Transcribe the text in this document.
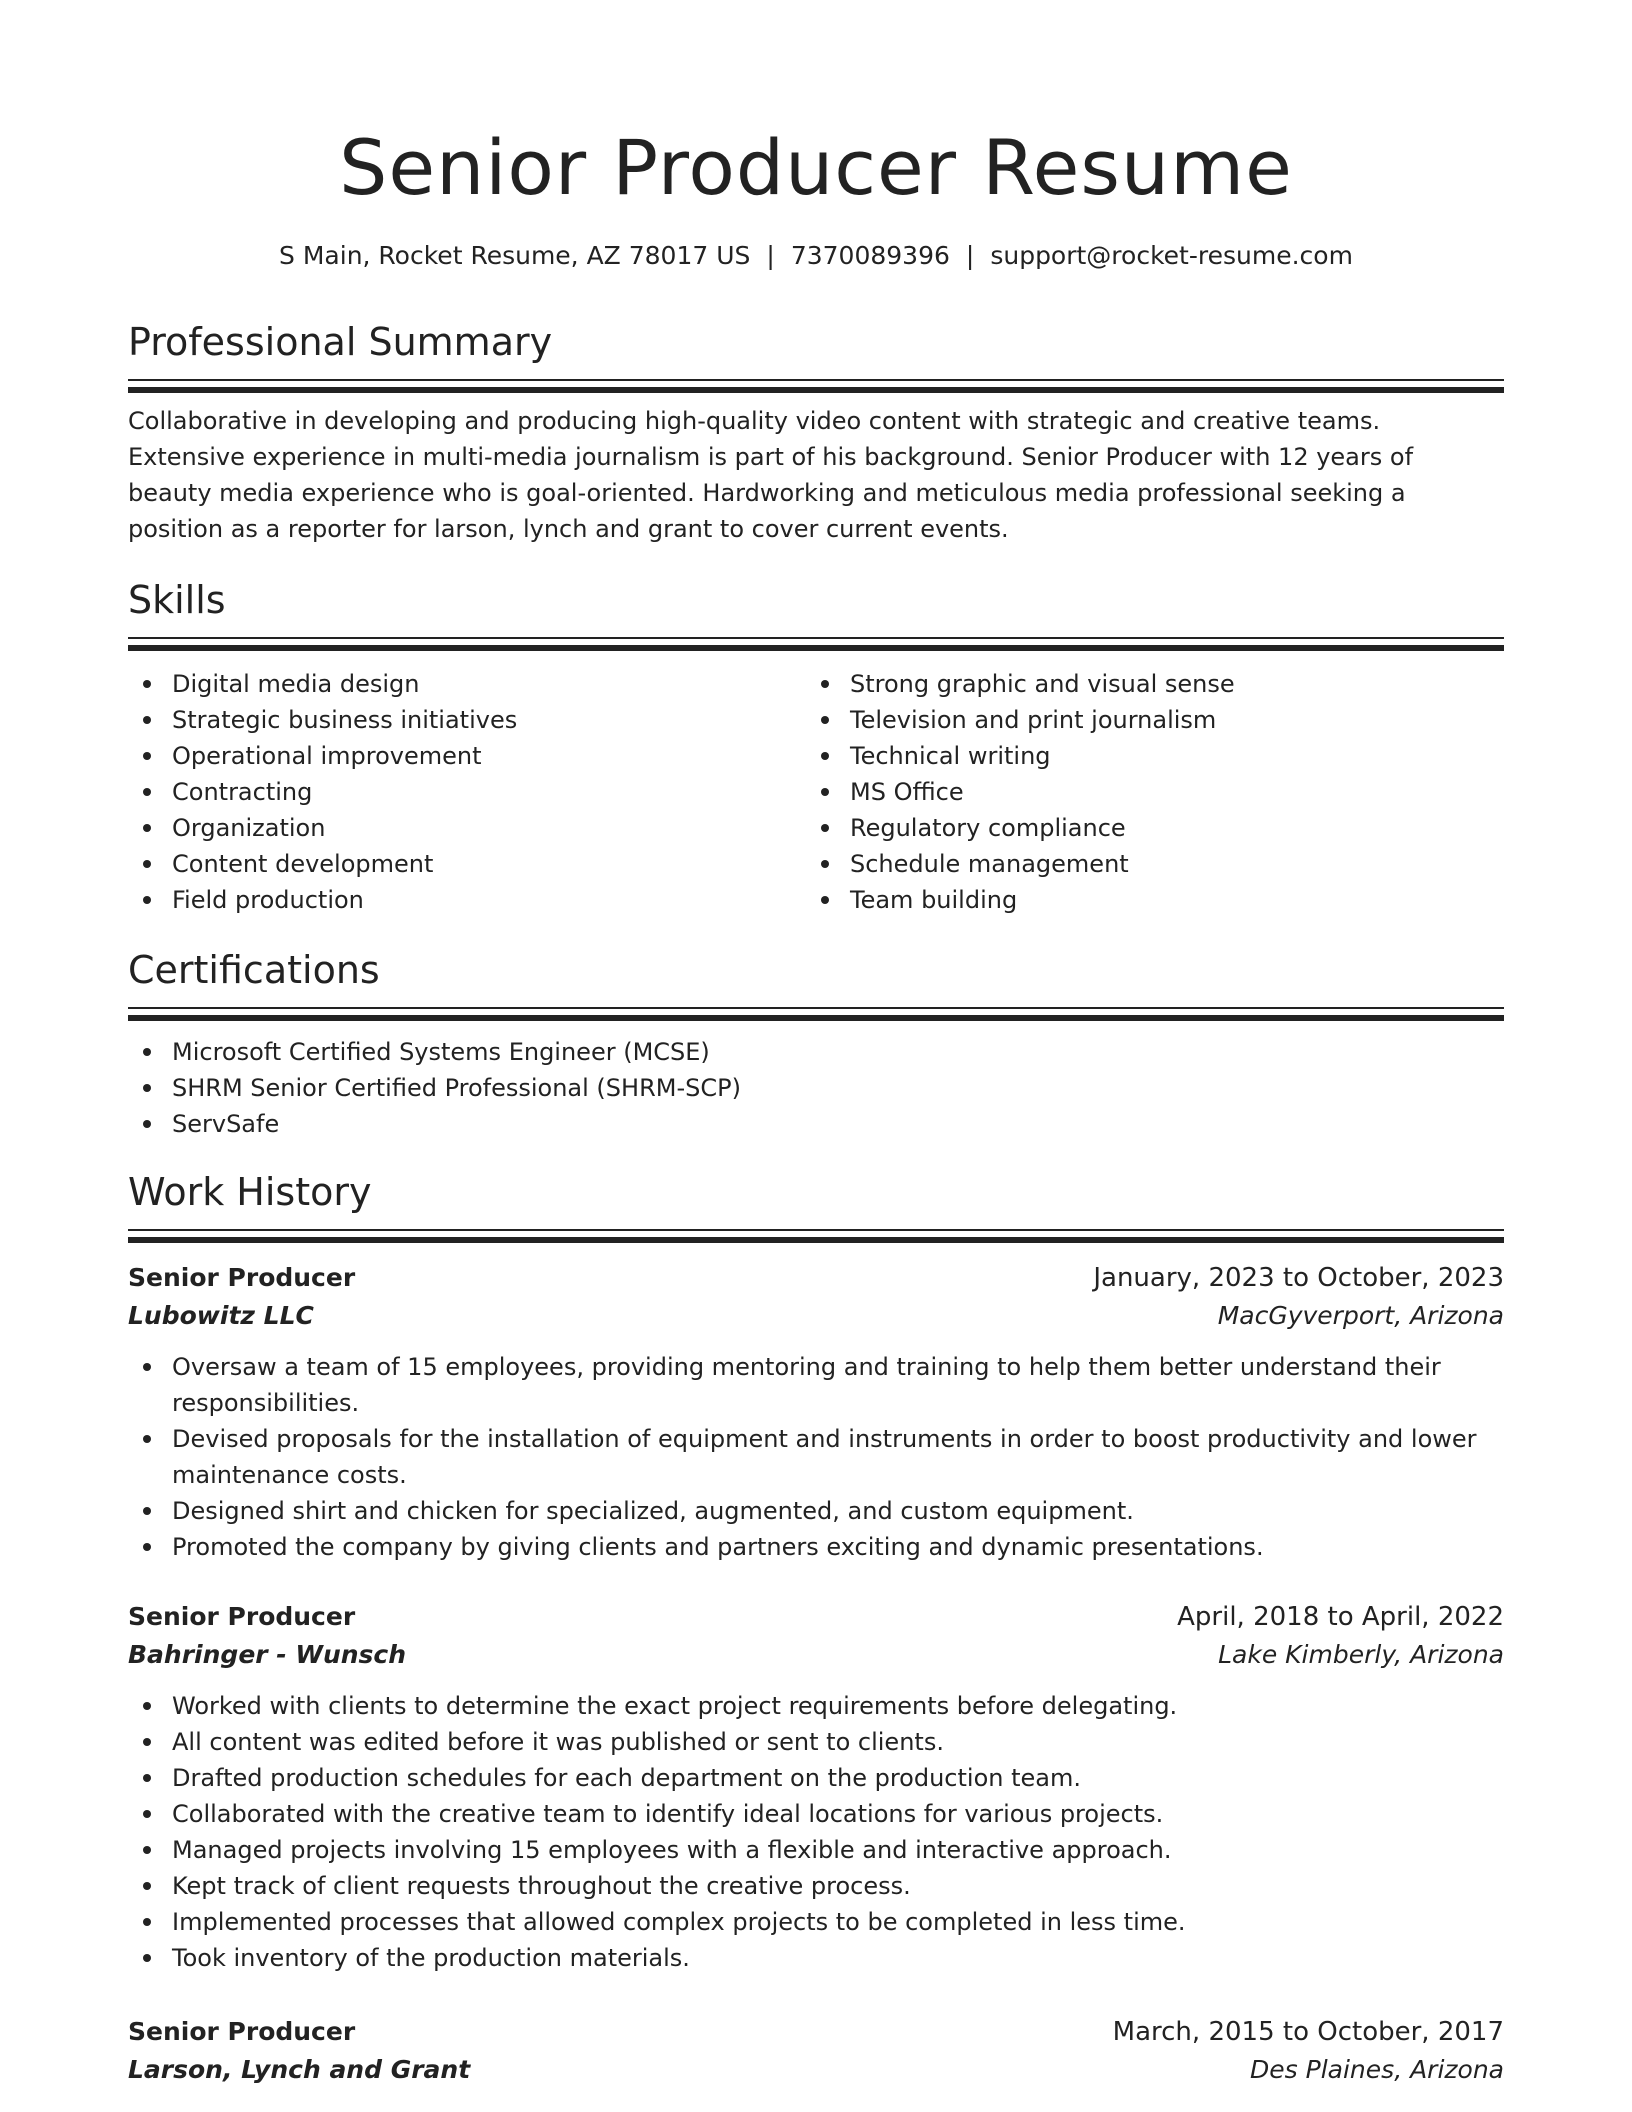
Senior Producer Resume
S Main, Rocket Resume, AZ 78017 US | 7370089396 | support@rocket-resume.com
Professional Summary

Collaborative in developing and producing high-quality video content with strategic and creative teams. Extensive experience in multi-media journalism is part of his background. Senior Producer with 12 years of beauty media experience who is goal-oriented. Hardworking and meticulous media professional seeking a position as a reporter for larson, lynch and grant to cover current events.

Skills
Digital media design
Strategic business initiatives
Operational improvement
Contracting
Organization
Content development
Field production
Strong graphic and visual sense
Television and print journalism
Technical writing
MS Office
Regulatory compliance
Schedule management
Team building
Certifications
Microsoft Certified Systems Engineer (MCSE)
SHRM Senior Certified Professional (SHRM-SCP)
ServSafe
Work History
Senior Producer	January, 2023 to October, 2023
Lubowitz LLC	MacGyverport, Arizona
Oversaw a team of 15 employees, providing mentoring and training to help them better understand their responsibilities.
Devised proposals for the installation of equipment and instruments in order to boost productivity and lower maintenance costs.
Designed shirt and chicken for specialized, augmented, and custom equipment.
Promoted the company by giving clients and partners exciting and dynamic presentations.
Senior Producer	April, 2018 to April, 2022
Bahringer - Wunsch	Lake Kimberly, Arizona
Worked with clients to determine the exact project requirements before delegating.
All content was edited before it was published or sent to clients.
Drafted production schedules for each department on the production team.
Collaborated with the creative team to identify ideal locations for various projects.
Managed projects involving 15 employees with a flexible and interactive approach.
Kept track of client requests throughout the creative process.
Implemented processes that allowed complex projects to be completed in less time.
Took inventory of the production materials.
Senior Producer	March, 2015 to October, 2017
Larson, Lynch and Grant	Des Plaines, Arizona
